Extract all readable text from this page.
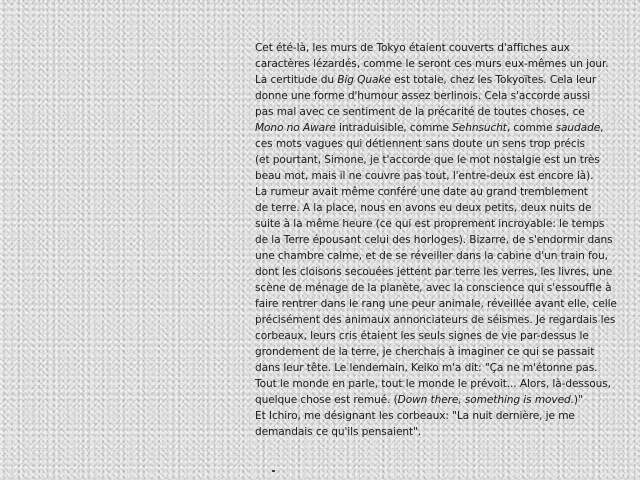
Cet été-là, les murs de Tokyo étaient couverts d'affiches aux
caractères lézardés, comme le seront ces murs eux-mêmes un jour.
La certitude du Big Quake est totale, chez les Tokyoïtes. Cela leur
donne une forme d'humour assez berlinois. Cela s'accorde aussi
pas mal avec ce sentiment de la précarité de toutes choses, ce
Mono no Aware intraduisible, comme Sehnsucht, comme saudade,
ces mots vagues qui détiennent sans doute un sens trop précis
(et pourtant, Simone, je t'accorde que le mot nostalgie est un très
beau mot, mais il ne couvre pas tout, l'entre-deux est encore là).
La rumeur avait même conféré une date au grand tremblement
de terre. A la place, nous en avons eu deux petits, deux nuits de
suite à la même heure (ce qui est proprement incroyable: le temps
de la Terre épousant celui des horloges). Bizarre, de s'endormir dans
une chambre calme, et de se réveiller dans la cabine d'un train fou,
dont les cloisons secouées jettent par terre les verres, les livres, une
scène de ménage de la planète, avec la conscience qui s'essouffle à
faire rentrer dans le rang une peur animale, réveillée avant elle, celle
précisément des animaux annonciateurs de séismes. Je regardais les
corbeaux, leurs cris étaient les seuls signes de vie par-dessus le
grondement de la terre, je cherchais à imaginer ce qui se passait
dans leur tête. Le lendemain, Keiko m'a dit: "Ça ne m'étonne pas.
Tout le monde en parle, tout le monde le prévoit... Alors, là-dessous,
quelque chose est remué. (Down there, something is moved.)"
Et Ichiro, me désignant les corbeaux: "La nuit dernière, je me
demandais ce qu'ils pensaient".
